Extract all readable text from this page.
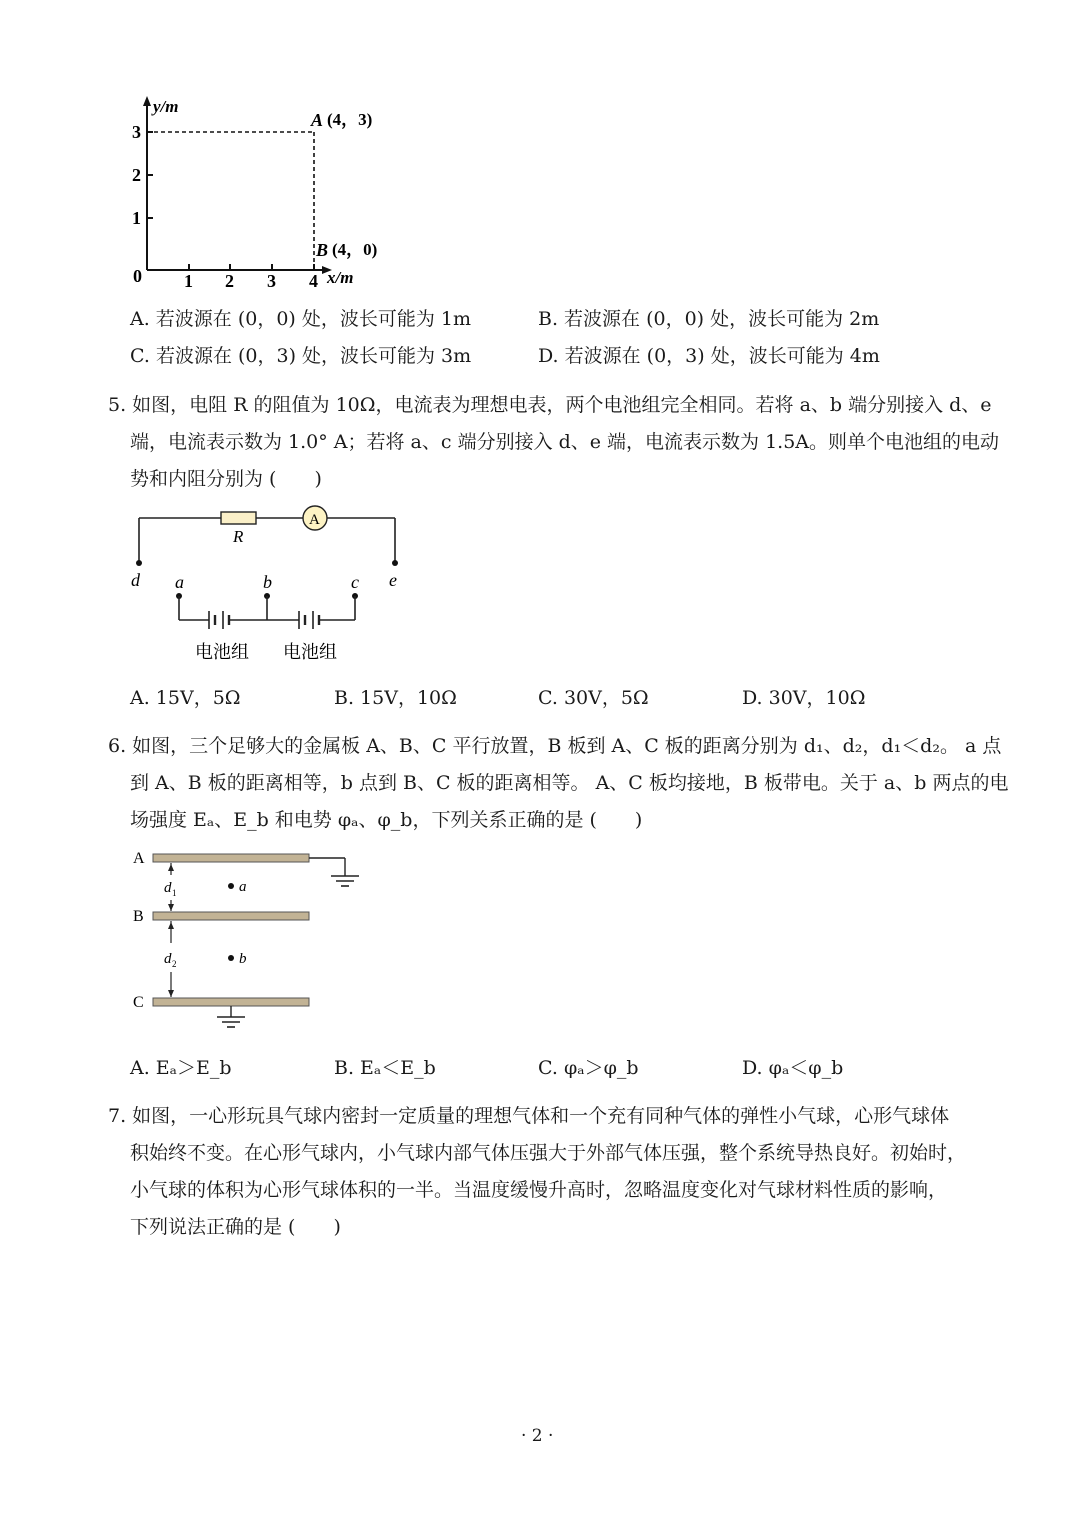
y/m
x/m
3
2
1
0 1 2 3 4
A (4，3)
B (4，0)
A. 若波源在 (0，0) 处，波长可能为 1m	B. 若波源在 (0，0) 处，波长可能为 2m
C. 若波源在 (0，3) 处，波长可能为 3m	D. 若波源在 (0，3) 处，波长可能为 4m
5. 如图，电阻 R 的阻值为 10Ω，电流表为理想电表，两个电池组完全相同。若将 a、b 端分别接入 d、e
端，电流表示数为 1.0° A；若将 a、c 端分别接入 d、e 端，电流表示数为 1.5A。则单个电池组的电动
势和内阻分别为 (　　)
A
R
d	e
a	b	c
电池组 电池组
A. 15V，5Ω	B. 15V，10Ω	C. 30V，5Ω	D. 30V，10Ω
6. 如图，三个足够大的金属板 A、B、C 平行放置，B 板到 A、C 板的距离分别为 d₁、d₂，d₁＜d₂。 a 点
到 A、B 板的距离相等，b 点到 B、C 板的距离相等。 A、C 板均接地，B 板带电。关于 a、b 两点的电
场强度 Eₐ、E_b 和电势 φₐ、φ_b，下列关系正确的是 (　　)
A
d 1	a
B
d 2	b
C
A. Eₐ＞E_b	B. Eₐ＜E_b	C. φₐ＞φ_b	D. φₐ＜φ_b
7. 如图，一心形玩具气球内密封一定质量的理想气体和一个充有同种气体的弹性小气球，心形气球体
积始终不变。在心形气球内，小气球内部气体压强大于外部气体压强，整个系统导热良好。初始时，
小气球的体积为心形气球体积的一半。当温度缓慢升高时，忽略温度变化对气球材料性质的影响，
下列说法正确的是 (　　)
· 2 ·
